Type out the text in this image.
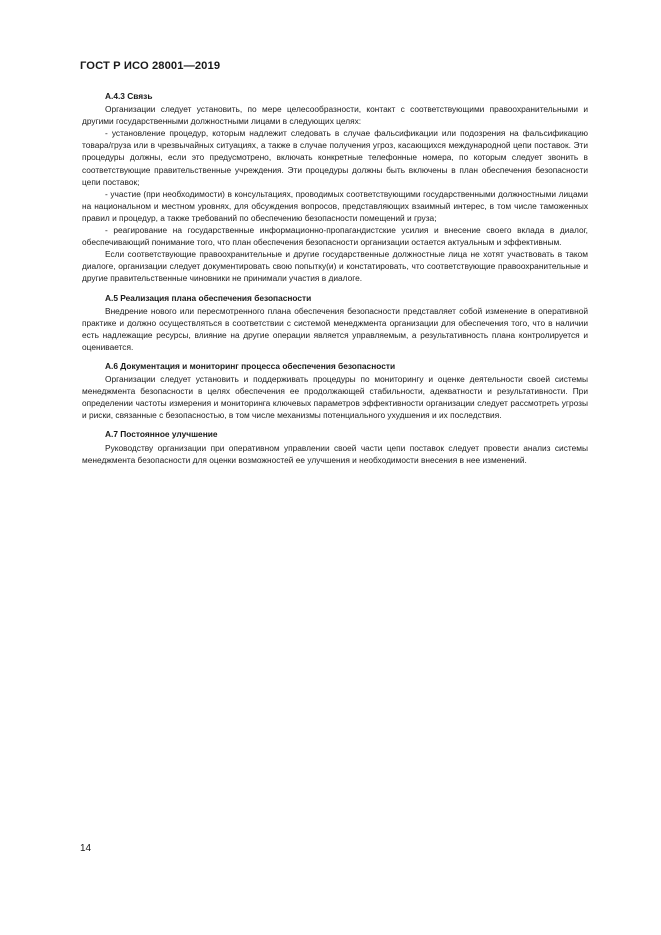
ГОСТ Р ИСО 28001—2019
А.4.3 Связь

Организации следует установить, по мере целесообразности, контакт с соответствующими правоохранительными и другими государственными должностными лицами в следующих целях:

- установление процедур, которым надлежит следовать в случае фальсификации или подозрения на фальсификацию товара/груза или в чрезвычайных ситуациях, а также в случае получения угроз, касающихся международной цепи поставок. Эти процедуры должны, если это предусмотрено, включать конкретные телефонные номера, по которым следует звонить в соответствующие правительственные учреждения. Эти процедуры должны быть включены в план обеспечения безопасности цепи поставок;

- участие (при необходимости) в консультациях, проводимых соответствующими государственными должностными лицами на национальном и местном уровнях, для обсуждения вопросов, представляющих взаимный интерес, в том числе таможенных правил и процедур, а также требований по обеспечению безопасности помещений и груза;

- реагирование на государственные информационно-пропагандистские усилия и внесение своего вклада в диалог, обеспечивающий понимание того, что план обеспечения безопасности организации остается актуальным и эффективным.

Если соответствующие правоохранительные и другие государственные должностные лица не хотят участвовать в таком диалоге, организации следует документировать свою попытку(и) и констатировать, что соответствующие правоохранительные и другие правительственные чиновники не принимали участия в диалоге.

А.5 Реализация плана обеспечения безопасности

Внедрение нового или пересмотренного плана обеспечения безопасности представляет собой изменение в оперативной практике и должно осуществляться в соответствии с системой менеджмента организации для обеспечения того, что в наличии есть надлежащие ресурсы, влияние на другие операции является управляемым, а результативность плана контролируется и оценивается.

А.6 Документация и мониторинг процесса обеспечения безопасности

Организации следует установить и поддерживать процедуры по мониторингу и оценке деятельности своей системы менеджмента безопасности в целях обеспечения ее продолжающей стабильности, адекватности и результативности. При определении частоты измерения и мониторинга ключевых параметров эффективности организации следует рассмотреть угрозы и риски, связанные с безопасностью, в том числе механизмы потенциального ухудшения и их последствия.

А.7 Постоянное улучшение

Руководству организации при оперативном управлении своей части цепи поставок следует провести анализ системы менеджмента безопасности для оценки возможностей ее улучшения и необходимости внесения в нее изменений.

14
